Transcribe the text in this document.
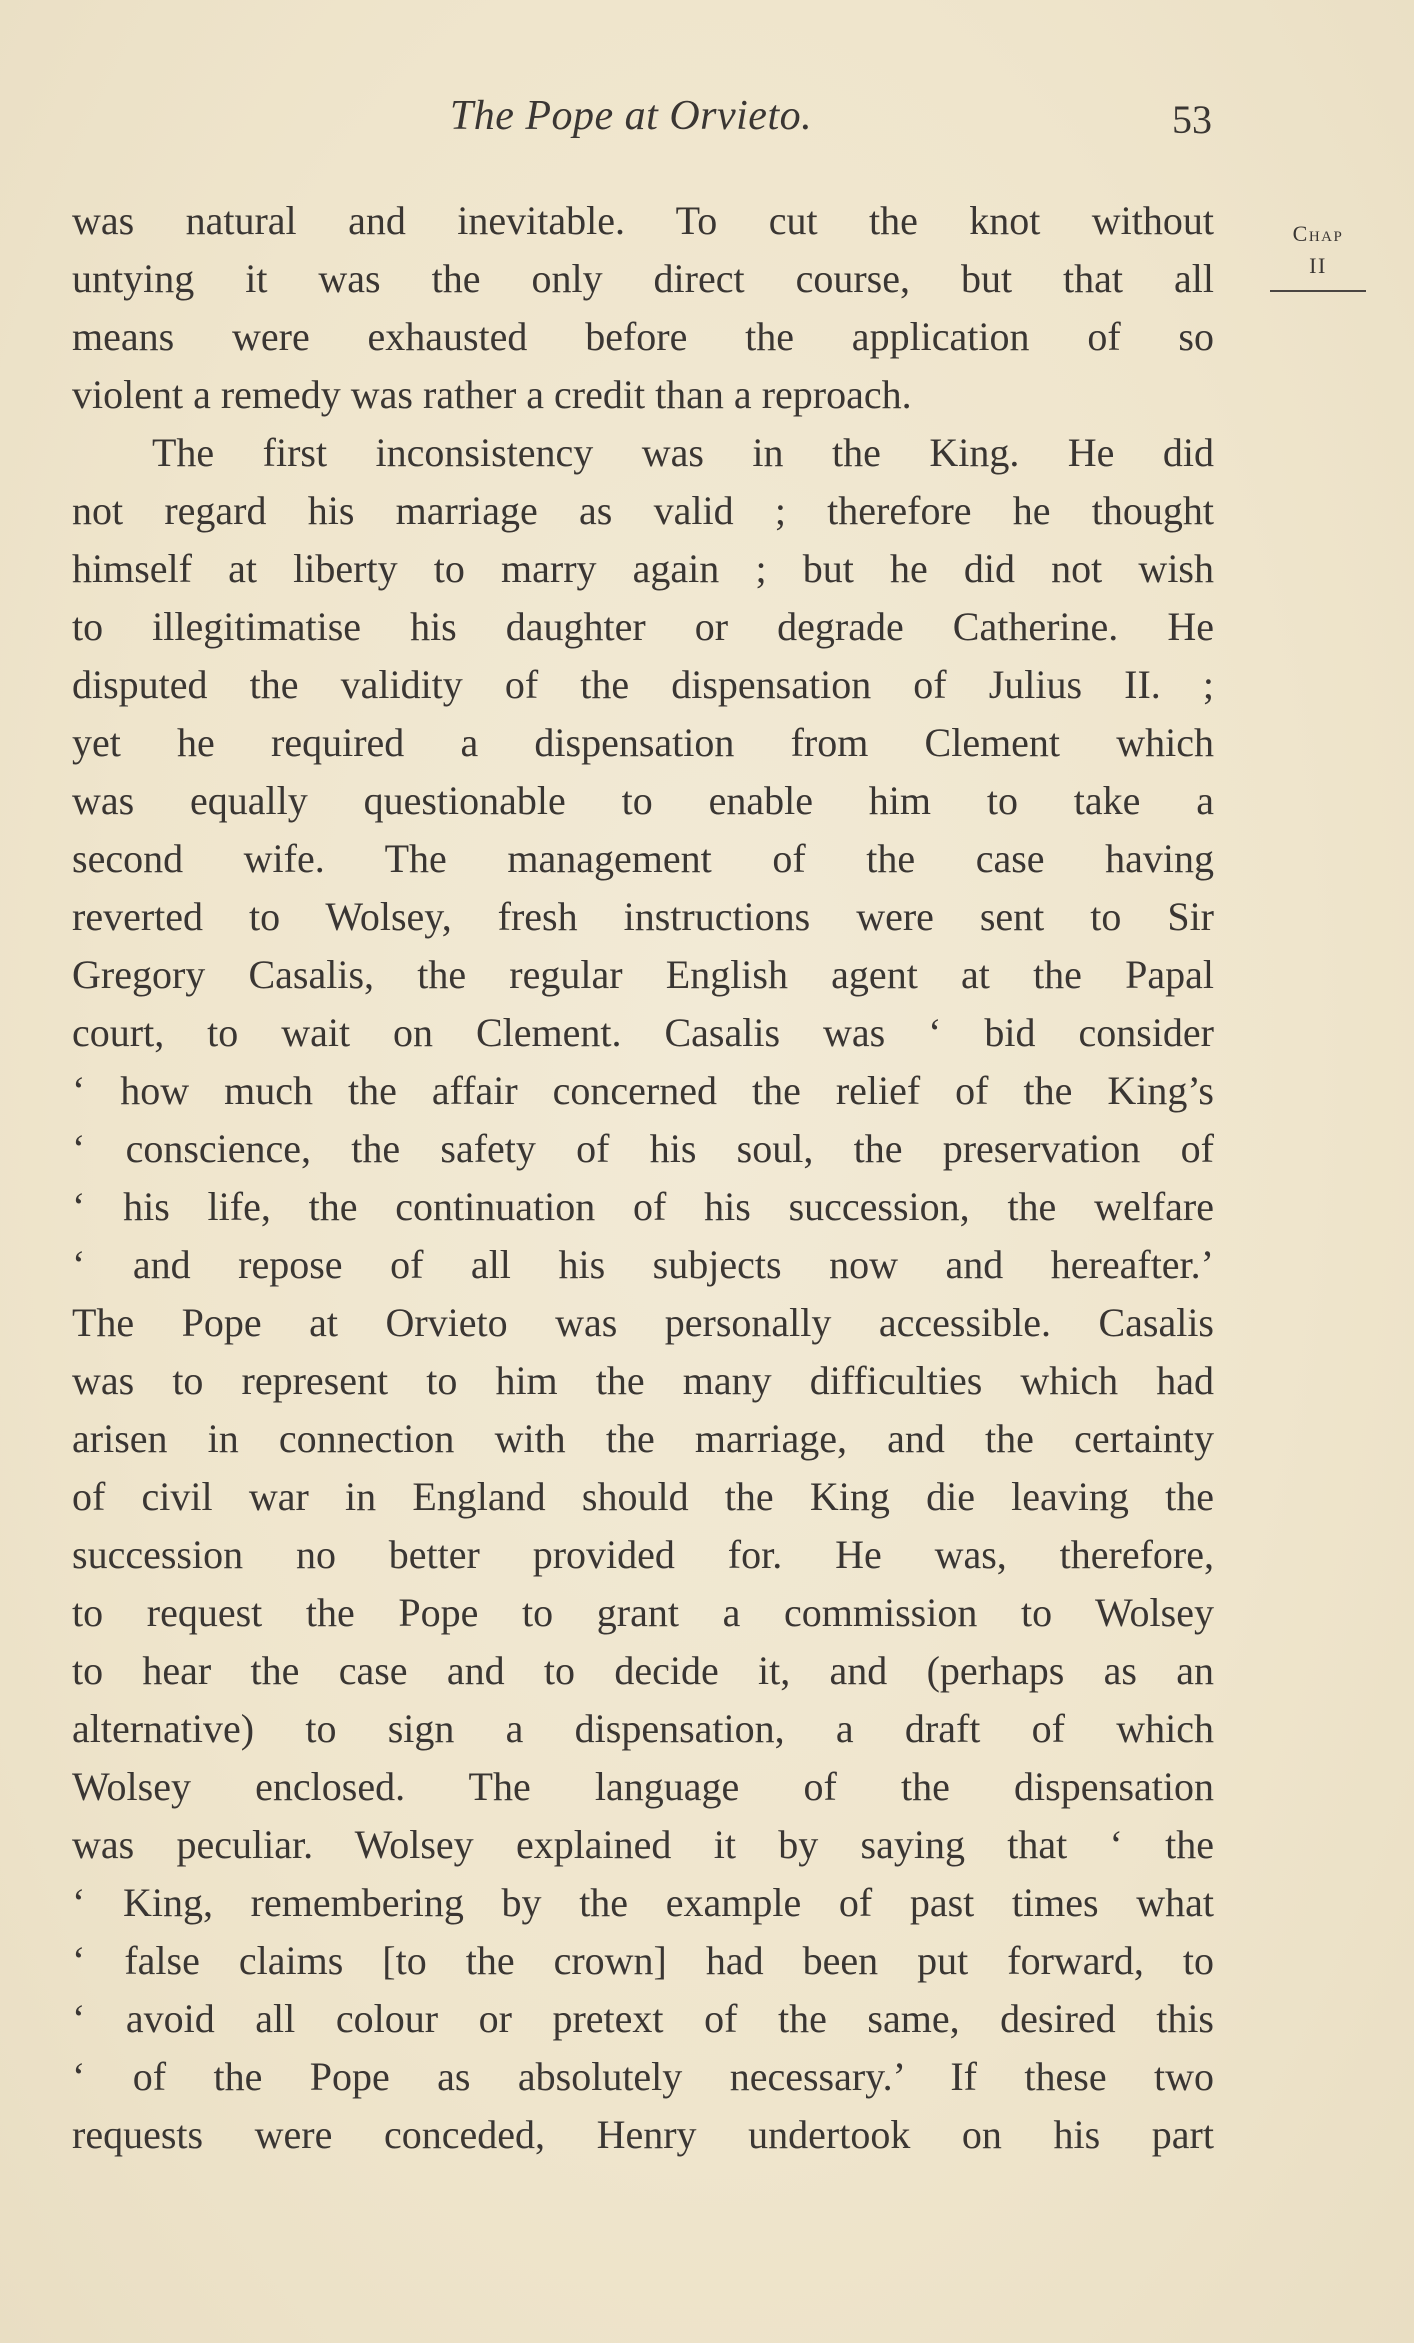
The Pope at Orvieto.	53
Chap
II
was natural and inevitable. To cut the knot without
untying it was the only direct course, but that all
means were exhausted before the application of so
violent a remedy was rather a credit than a reproach.
The first inconsistency was in the King. He did
not regard his marriage as valid ; therefore he thought
himself at liberty to marry again ; but he did not wish
to illegitimatise his daughter or degrade Catherine. He
disputed the validity of the dispensation of Julius II. ;
yet he required a dispensation from Clement which
was equally questionable to enable him to take a
second wife. The management of the case having
reverted to Wolsey, fresh instructions were sent to Sir
Gregory Casalis, the regular English agent at the Papal
court, to wait on Clement. Casalis was ‘ bid consider
‘ how much the affair concerned the relief of the King’s
‘ conscience, the safety of his soul, the preservation of
‘ his life, the continuation of his succession, the welfare
‘ and repose of all his subjects now and hereafter.’
The Pope at Orvieto was personally accessible. Casalis
was to represent to him the many difficulties which had
arisen in connection with the marriage, and the certainty
of civil war in England should the King die leaving the
succession no better provided for. He was, therefore,
to request the Pope to grant a commission to Wolsey
to hear the case and to decide it, and (perhaps as an
alternative) to sign a dispensation, a draft of which
Wolsey enclosed. The language of the dispensation
was peculiar. Wolsey explained it by saying that ‘ the
‘ King, remembering by the example of past times what
‘ false claims [to the crown] had been put forward, to
‘ avoid all colour or pretext of the same, desired this
‘ of the Pope as absolutely necessary.’ If these two
requests were conceded, Henry undertook on his part
